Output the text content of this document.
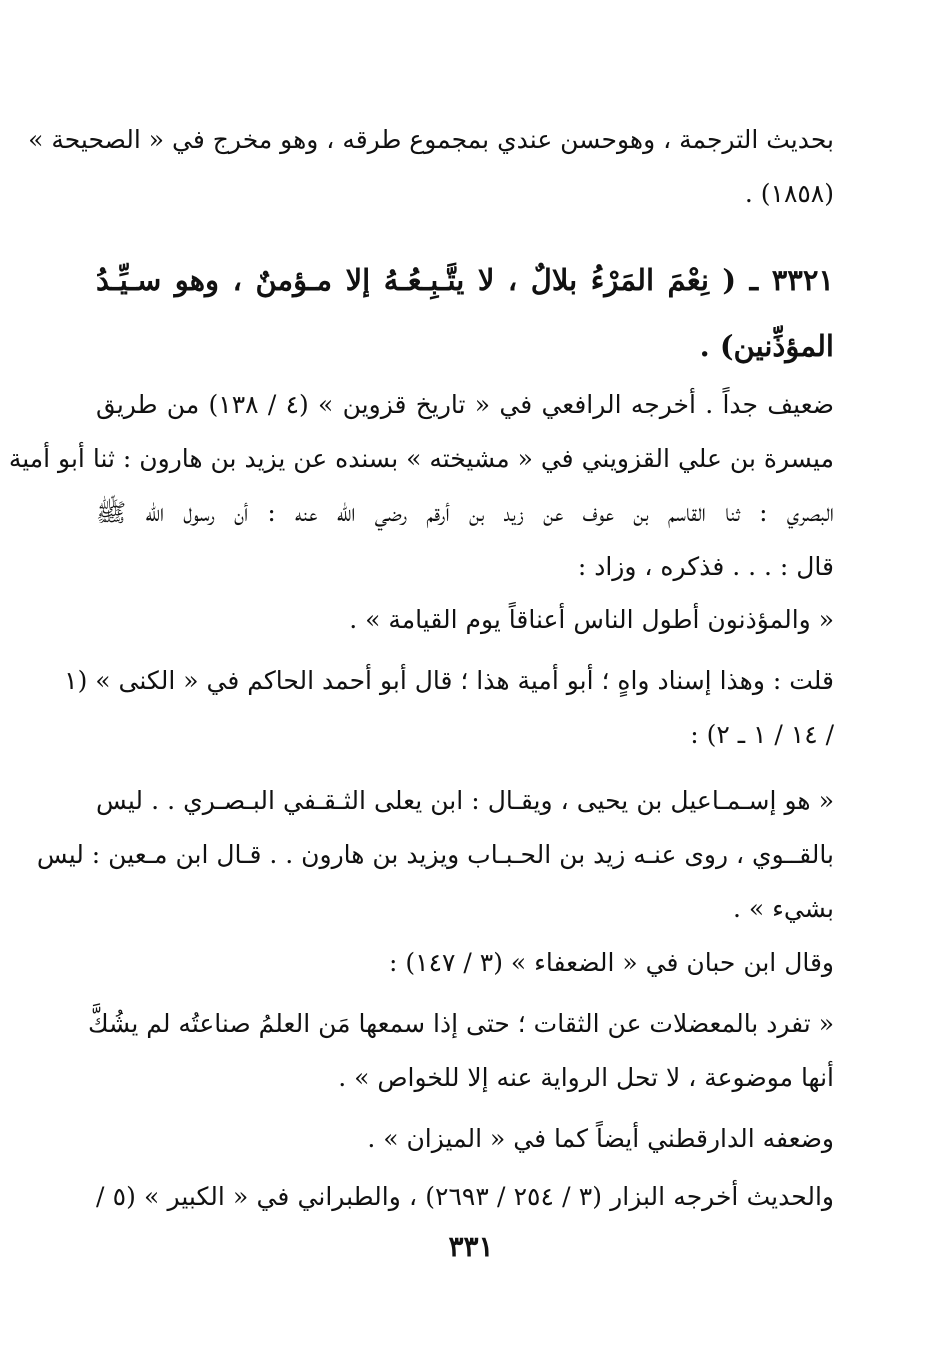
بحديث الترجمة ، وهوحسن عندي بمجموع طرقه ، وهو مخرج في « الصحيحة »
(١٨٥٨) .
٣٣٢١ ـ ( نِعْمَ المَرْءُ بلالٌ ، لا يتَّـبِـعُـهُ إلا مـؤمنٌ ، وهو سـيِّـدُ
المؤذِّنين) .
ضعيف جداً . أخرجه الرافعي في « تاريخ قزوين » (٤ / ١٣٨) من طريق
ميسرة بن علي القزويني في « مشيخته » بسنده عن يزيد بن هارون : ثنا أبو أمية
البصري : ثنا القاسم بن عوف عن زيد بن أرقم رضي الله عنه : أن رسول الله ﷺ
قال : . . . فذكره ، وزاد :
« والمؤذنون أطول الناس أعناقاً يوم القيامة » .
قلت : وهذا إسناد واهٍ ؛ أبو أمية هذا ؛ قال أبو أحمد الحاكم في « الكنى » (١
/ ١٤ / ١ ـ ٢) :
« هو إسـمـاعيل بن يحيى ، ويقـال : ابن يعلى الثـقـفي البـصـري . . ليس
بالقــوي ، روى عنـه زيد بن الحـبـاب ويزيد بن هارون . . قـال ابن مـعين : ليس
بشيء » .
وقال ابن حبان في « الضعفاء » (٣ / ١٤٧) :
« تفرد بالمعضلات عن الثقات ؛ حتى إذا سمعها مَن العلمُ صناعتُه لم يشُكَّ
أنها موضوعة ، لا تحل الرواية عنه إلا للخواص » .
وضعفه الدارقطني أيضاً كما في « الميزان » .
والحديث أخرجه البزار (٣ / ٢٥٤ / ٢٦٩٣) ، والطبراني في « الكبير » (٥ /
٣٣١
